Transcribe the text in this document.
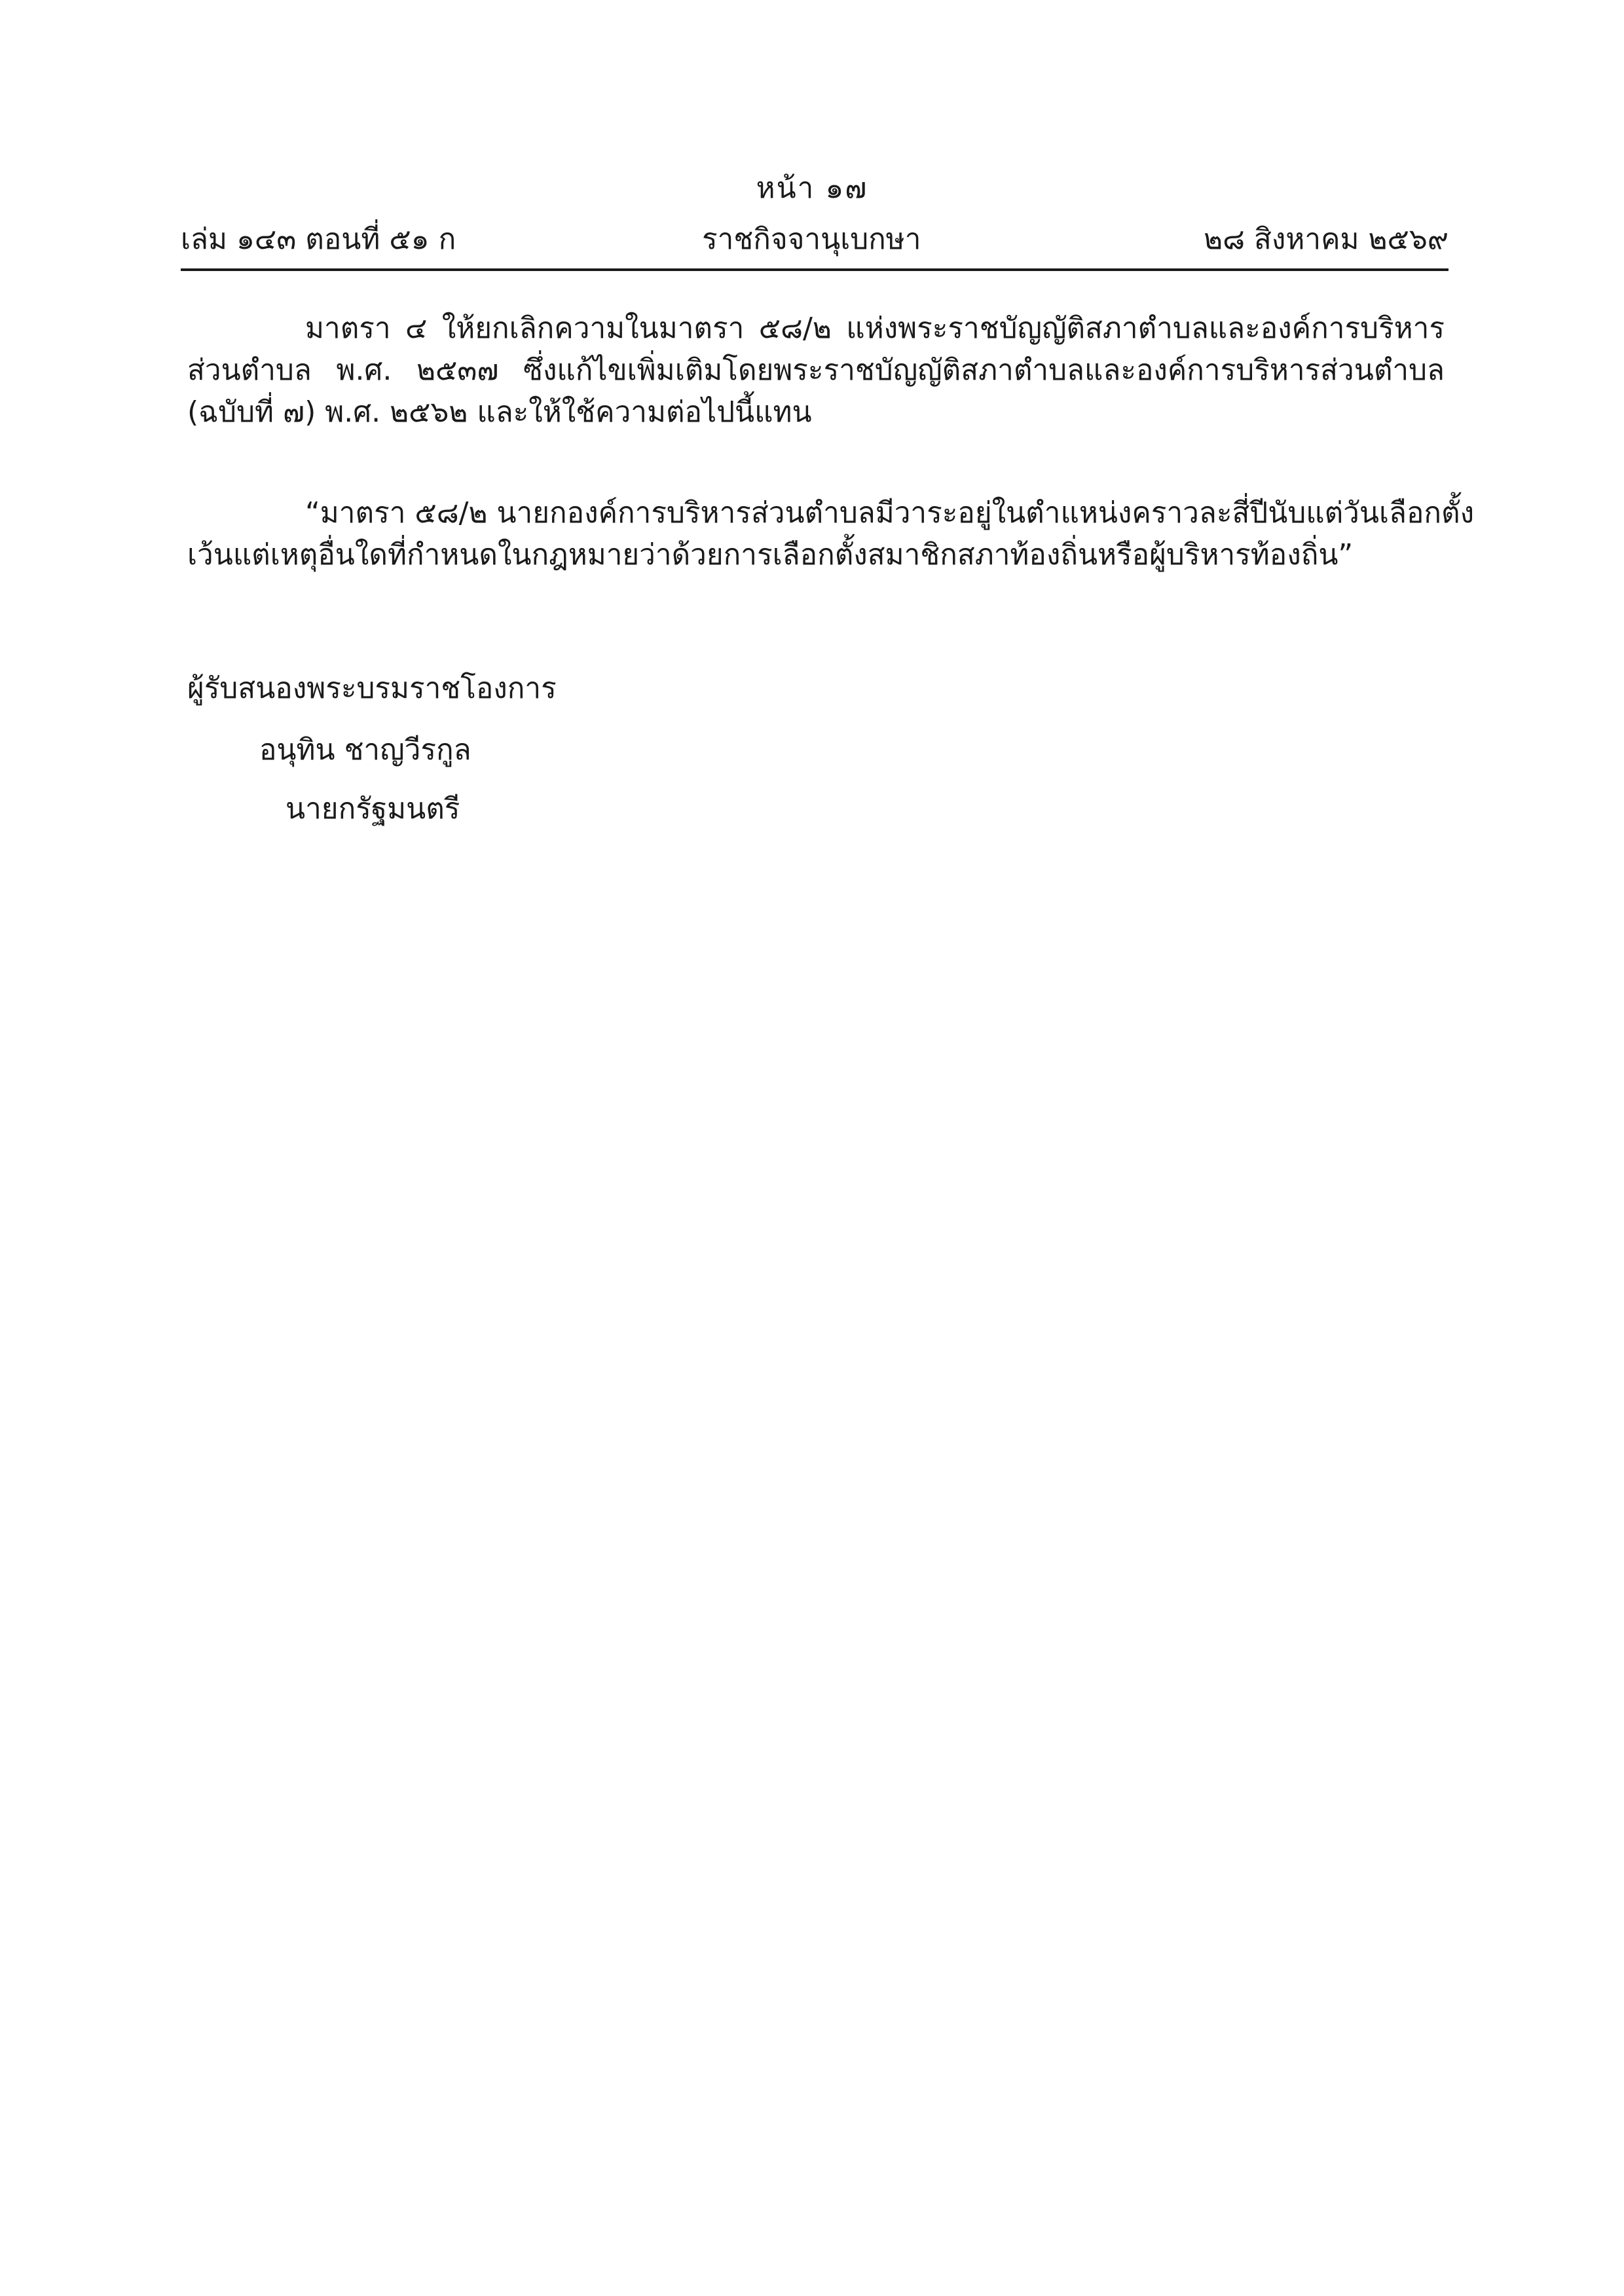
หน้า ๑๗
เล่ม ๑๔๓ ตอนที่ ๕๑ ก	ราชกิจจานุเบกษา	๒๘ สิงหาคม ๒๕๖๙
มาตรา ๔ ให้ยกเลิกความในมาตรา ๕๘/๒ แห่งพระราชบัญญัติสภาตำบลและองค์การบริหาร
ส่วนตำบล พ.ศ. ๒๕๓๗ ซึ่งแก้ไขเพิ่มเติมโดยพระราชบัญญัติสภาตำบลและองค์การบริหารส่วนตำบล
(ฉบับที่ ๗) พ.ศ. ๒๕๖๒ และให้ใช้ความต่อไปนี้แทน
“มาตรา ๕๘/๒ นายกองค์การบริหารส่วนตำบลมีวาระอยู่ในตำแหน่งคราวละสี่ปีนับแต่วันเลือกตั้ง
เว้นแต่เหตุอื่นใดที่กำหนดในกฎหมายว่าด้วยการเลือกตั้งสมาชิกสภาท้องถิ่นหรือผู้บริหารท้องถิ่น”
ผู้รับสนองพระบรมราชโองการ
อนุทิน ชาญวีรกูล
นายกรัฐมนตรี
